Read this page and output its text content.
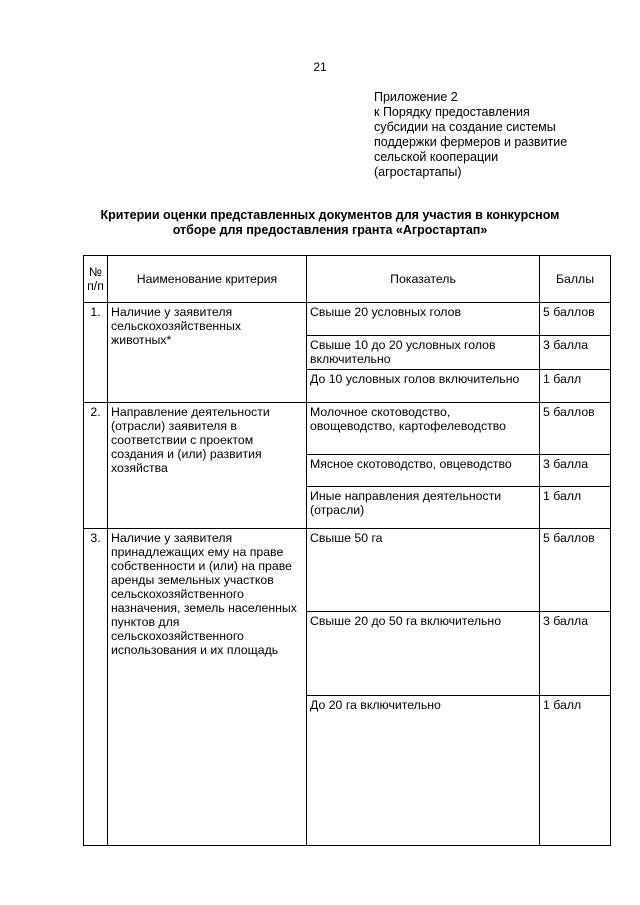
21
Приложение 2
к Порядку предоставления
субсидии на создание системы
поддержки фермеров и развитие
сельской кооперации
(агростартапы)
Критерии оценки представленных документов для участия в конкурсном
отборе для предоставления гранта «Агростартап»
№ п/п	Наименование критерия	Показатель	Баллы
1.	Наличие у заявителя сельскохозяйственных животных*	Свыше 20 условных голов	5 баллов
		Свыше 10 до 20 условных голов включительно	3 балла
		До 10 условных голов включительно	1 балл
2.	Направление деятельности (отрасли) заявителя в соответствии с проектом создания и (или) развития хозяйства	Молочное скотоводство, овощеводство, картофелеводство	5 баллов
		Мясное скотоводство, овцеводство	3 балла
		Иные направления деятельности (отрасли)	1 балл
3.	Наличие у заявителя принадлежащих ему на праве собственности и (или) на праве аренды земельных участков сельскохозяйственного назначения, земель населенных пунктов для сельскохозяйственного использования и их площадь	Свыше 50 га	5 баллов
		Свыше 20 до 50 га включительно	3 балла
		До 20 га включительно	1 балл
